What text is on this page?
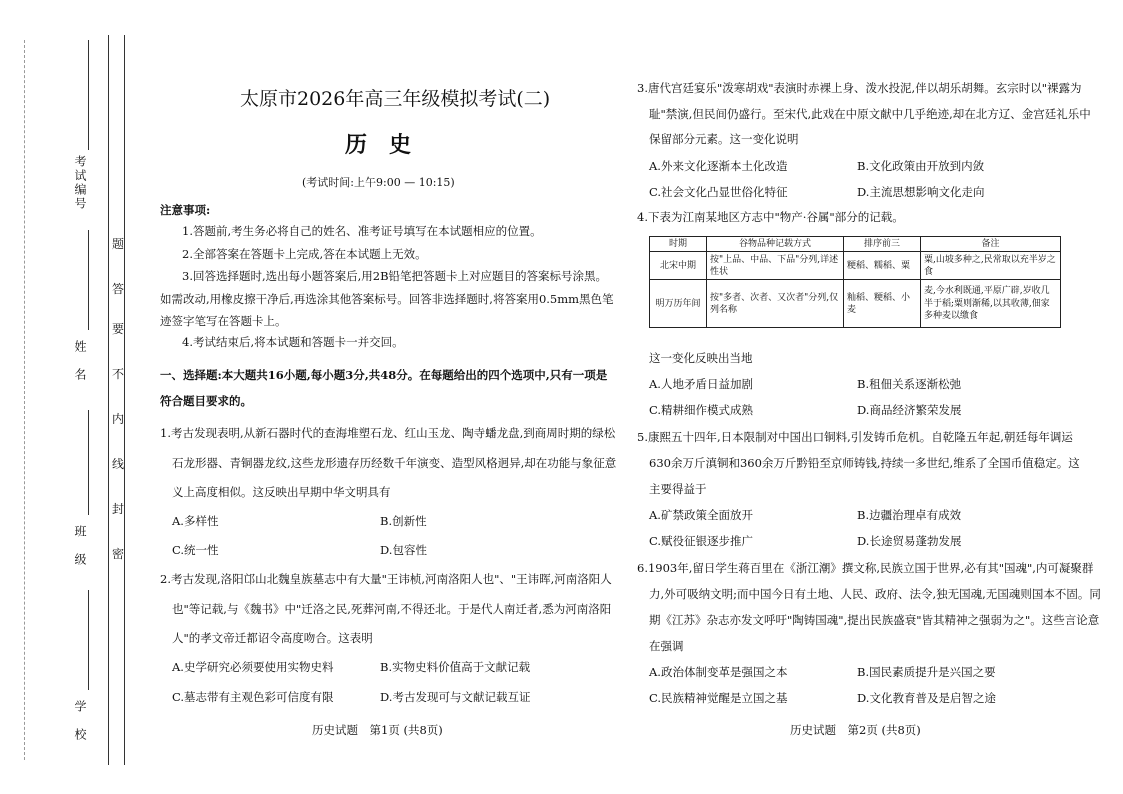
考试编号
姓　名
班　级
学　校
题
答
要
不
内
线
封
密
太原市2026年高三年级模拟考试(二)
历　史
(考试时间:上午9:00 — 10:15)
注意事项:
1.答题前,考生务必将自己的姓名、准考证号填写在本试题相应的位置。
2.全部答案在答题卡上完成,答在本试题上无效。
3.回答选择题时,选出每小题答案后,用2B铅笔把答题卡上对应题目的答案标号涂黑。
如需改动,用橡皮擦干净后,再选涂其他答案标号。回答非选择题时,将答案用0.5mm黑色笔
迹签字笔写在答题卡上。
4.考试结束后,将本试题和答题卡一并交回。
一、选择题:本大题共16小题,每小题3分,共48分。在每题给出的四个选项中,只有一项是
符合题目要求的。
1.考古发现表明,从新石器时代的查海堆塑石龙、红山玉龙、陶寺蟠龙盘,到商周时期的绿松
石龙形器、青铜器龙纹,这些龙形遗存历经数千年演变、造型风格迥异,却在功能与象征意
义上高度相似。这反映出早期中华文明具有
A.多样性	B.创新性
C.统一性	D.包容性
2.考古发现,洛阳邙山北魏皇族墓志中有大量"王讳桢,河南洛阳人也"、"王讳晖,河南洛阳人
也"等记载,与《魏书》中"迁洛之民,死葬河南,不得还北。于是代人南迁者,悉为河南洛阳
人"的孝文帝迁都诏令高度吻合。这表明
A.史学研究必须要使用实物史料	B.实物史料价值高于文献记载
C.墓志带有主观色彩可信度有限	D.考古发现可与文献记载互证
历史试题　第1页 (共8页)
3.唐代宫廷宴乐"泼寒胡戏"表演时赤裸上身、泼水投泥,伴以胡乐胡舞。玄宗时以"裸露为
耻"禁演,但民间仍盛行。至宋代,此戏在中原文献中几乎绝迹,却在北方辽、金宫廷礼乐中
保留部分元素。这一变化说明
A.外来文化逐渐本土化改造	B.文化政策由开放到内敛
C.社会文化凸显世俗化特征	D.主流思想影响文化走向
4.下表为江南某地区方志中"物产·谷属"部分的记载。
时期	谷物品种记载方式	排序前三	备注
北宋中期	按"上品、中品、下品"分列,详述性状	粳稻、糯稻、粟	粟,山坡多种之,民常取以充半岁之食
明万历年间	按"多者、次者、又次者"分列,仅列名称	籼稻、粳稻、小麦	麦,今水利既通,平原广辟,岁收几半于稻;粟则渐稀,以其收薄,佃家多种麦以缴食
这一变化反映出当地
A.人地矛盾日益加剧	B.租佃关系逐渐松弛
C.精耕细作模式成熟	D.商品经济繁荣发展
5.康熙五十四年,日本限制对中国出口铜料,引发铸币危机。自乾隆五年起,朝廷每年调运
630余万斤滇铜和360余万斤黔铅至京师铸钱,持续一多世纪,维系了全国币值稳定。这
主要得益于
A.矿禁政策全面放开	B.边疆治理卓有成效
C.赋役征银逐步推广	D.长途贸易蓬勃发展
6.1903年,留日学生蒋百里在《浙江潮》撰文称,民族立国于世界,必有其"国魂",内可凝聚群
力,外可吸纳文明;而中国今日有土地、人民、政府、法令,独无国魂,无国魂则国本不固。同
期《江苏》杂志亦发文呼吁"陶铸国魂",提出民族盛衰"皆其精神之强弱为之"。这些言论意
在强调
A.政治体制变革是强国之本	B.国民素质提升是兴国之要
C.民族精神觉醒是立国之基	D.文化教育普及是启智之途
历史试题　第2页 (共8页)
